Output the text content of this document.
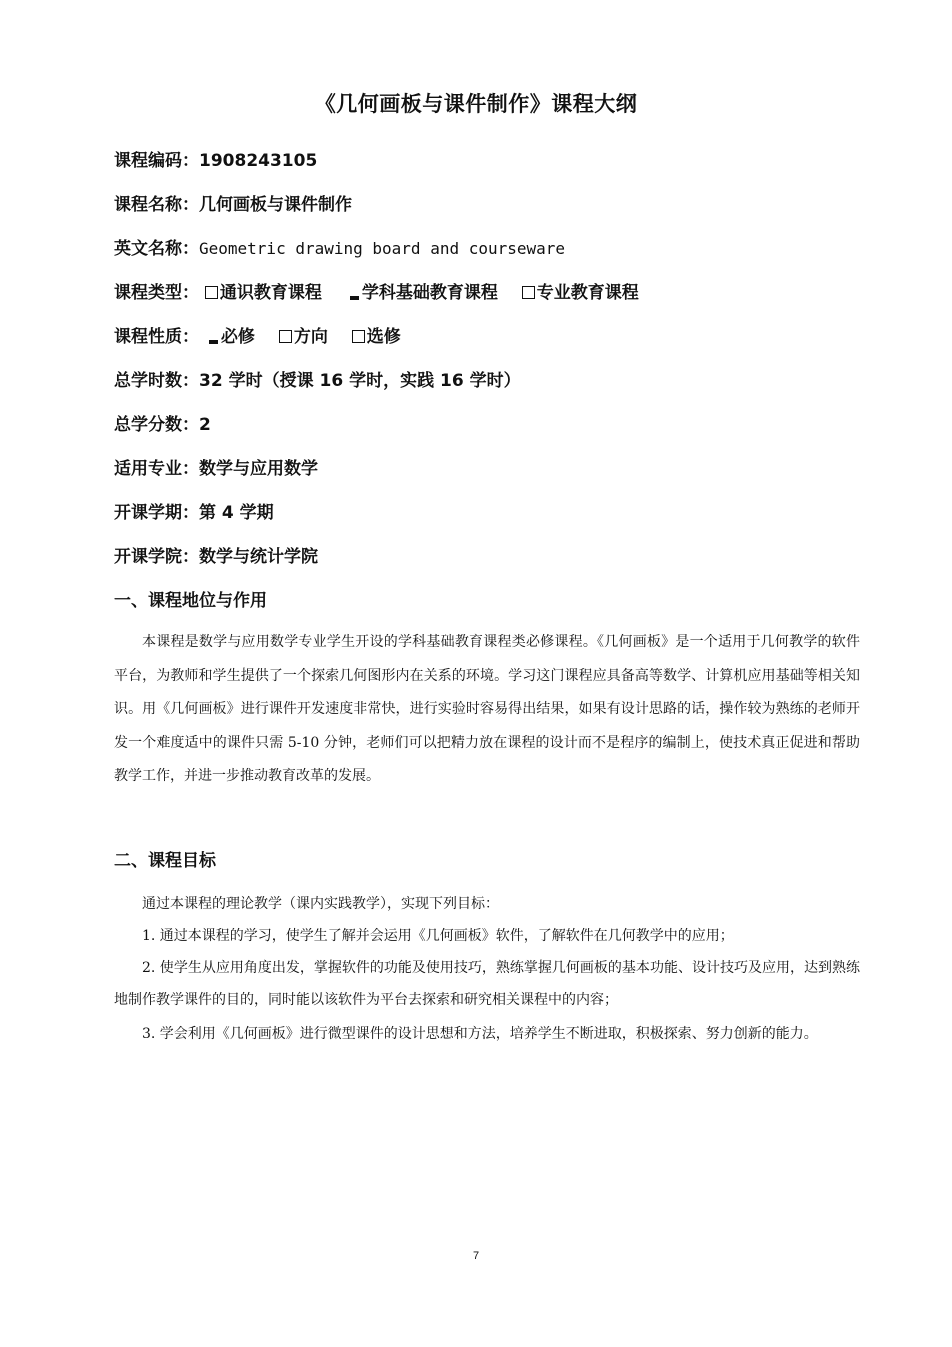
《几何画板与课件制作》课程大纲
课程编码：1908243105
课程名称：几何画板与课件制作
英文名称：Geometric drawing board and courseware
课程类型： 通识教育课程 学科基础教育课程 专业教育课程
课程性质： 必修 方向 选修
总学时数：32 学时（授课 16 学时，实践 16 学时）
总学分数：2
适用专业：数学与应用数学
开课学期：第 4 学期
开课学院：数学与统计学院
一、课程地位与作用
本课程是数学与应用数学专业学生开设的学科基础教育课程类必修课程。《几何画板》是一个适用于几何教学的软件平台，为教师和学生提供了一个探索几何图形内在关系的环境。学习这门课程应具备高等数学、计算机应用基础等相关知识。用《几何画板》进行课件开发速度非常快，进行实验时容易得出结果，如果有设计思路的话，操作较为熟练的老师开发一个难度适中的课件只需 5-10 分钟，老师们可以把精力放在课程的设计而不是程序的编制上，使技术真正促进和帮助教学工作，并进一步推动教育改革的发展。
二、课程目标
通过本课程的理论教学（课内实践教学），实现下列目标：
1. 通过本课程的学习，使学生了解并会运用《几何画板》软件，了解软件在几何教学中的应用；
2. 使学生从应用角度出发，掌握软件的功能及使用技巧，熟练掌握几何画板的基本功能、设计技巧及应用，达到熟练地制作教学课件的目的，同时能以该软件为平台去探索和研究相关课程中的内容；
3. 学会利用《几何画板》进行微型课件的设计思想和方法，培养学生不断进取，积极探索、努力创新的能力。
7
